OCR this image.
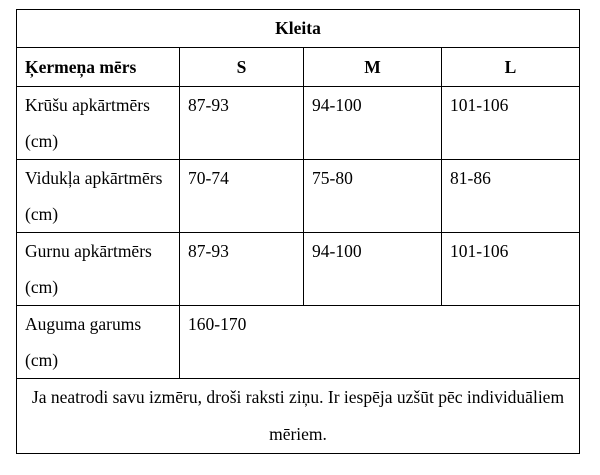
Kleita			
Ķermeņa mērs	S	M	L
Krūšu apkārtmērs (cm)	87-93	94-100	101-106
Vidukļa apkārtmērs (cm)	70-74	75-80	81-86
Gurnu apkārtmērs (cm)	87-93	94-100	101-106
Auguma garums (cm)	160-170		
Ja neatrodi savu izmēru, droši raksti ziņu. Ir iespēja uzšūt pēc individuāliem mēriem.			
